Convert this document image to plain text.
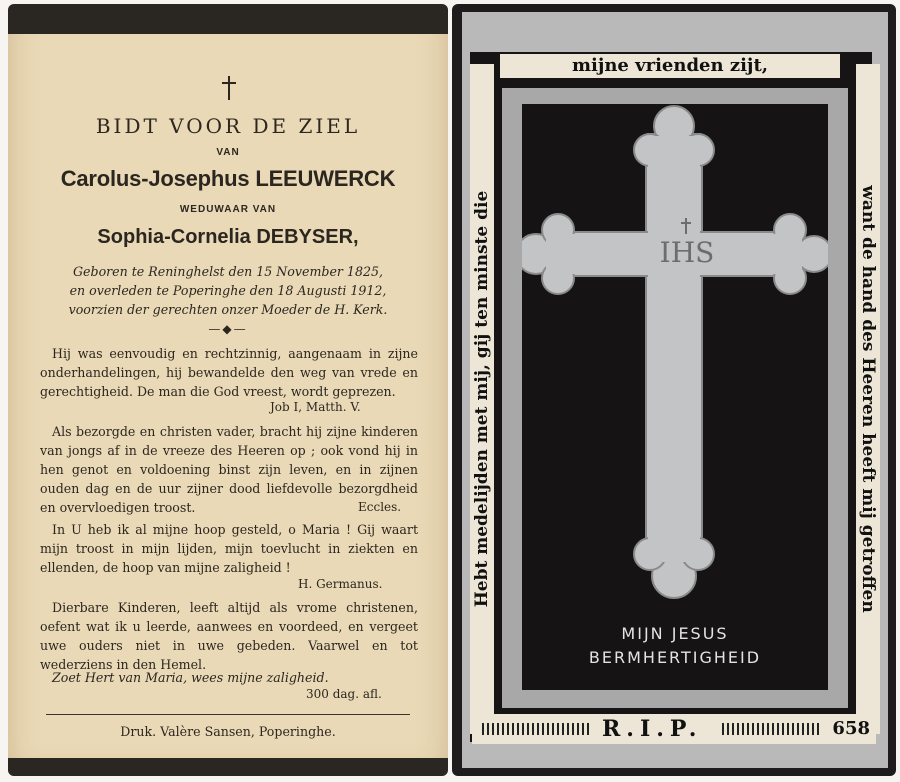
BIDT VOOR DE ZIEL
VAN
Carolus-Josephus LEEUWERCK
WEDUWAAR VAN
Sophia-Cornelia DEBYSER,
Geboren te Reninghelst den 15 November 1825,
en overleden te Poperinghe den 18 Augusti 1912,
voorzien der gerechten onzer Moeder de H. Kerk.
—◆—
Hij was eenvoudig en rechtzinnig, aangenaam in zijne onderhandelingen, hij bewandelde den weg van vrede en gerechtigheid. De man die God vreest, wordt geprezen.
Job I, Matth. V.
Als bezorgde en christen vader, bracht hij zijne kinderen van jongs af in de vreeze des Heeren op ; ook vond hij in hen genot en voldoening binst zijn leven, en in zijnen ouden dag en de uur zijner dood liefdevolle bezorgdheid en overvloedigen troost.	Eccles.
In U heb ik al mijne hoop gesteld, o Maria ! Gij waart mijn troost in mijn lijden, mijn toevlucht in ziekten en ellenden, de hoop van mijne zaligheid !
H. Germanus.
Dierbare Kinderen, leeft altijd als vrome christenen, oefent wat ik u leerde, aanwees en voordeed, en vergeet uwe ouders niet in uwe gebeden. Vaarwel en tot wederziens in den Hemel.
Zoet Hert van Maria, wees mijne zaligheid.
300 dag. afl.
Druk. Valère Sansen, Poperinghe.
mijne vrienden zijt,
Hebt medelijden met mij, gij ten minste die	want de hand des Heeren heeft mij getroffen
IHS
MIJN JESUS
BERMHERTIGHEID
R.I.P.	658
